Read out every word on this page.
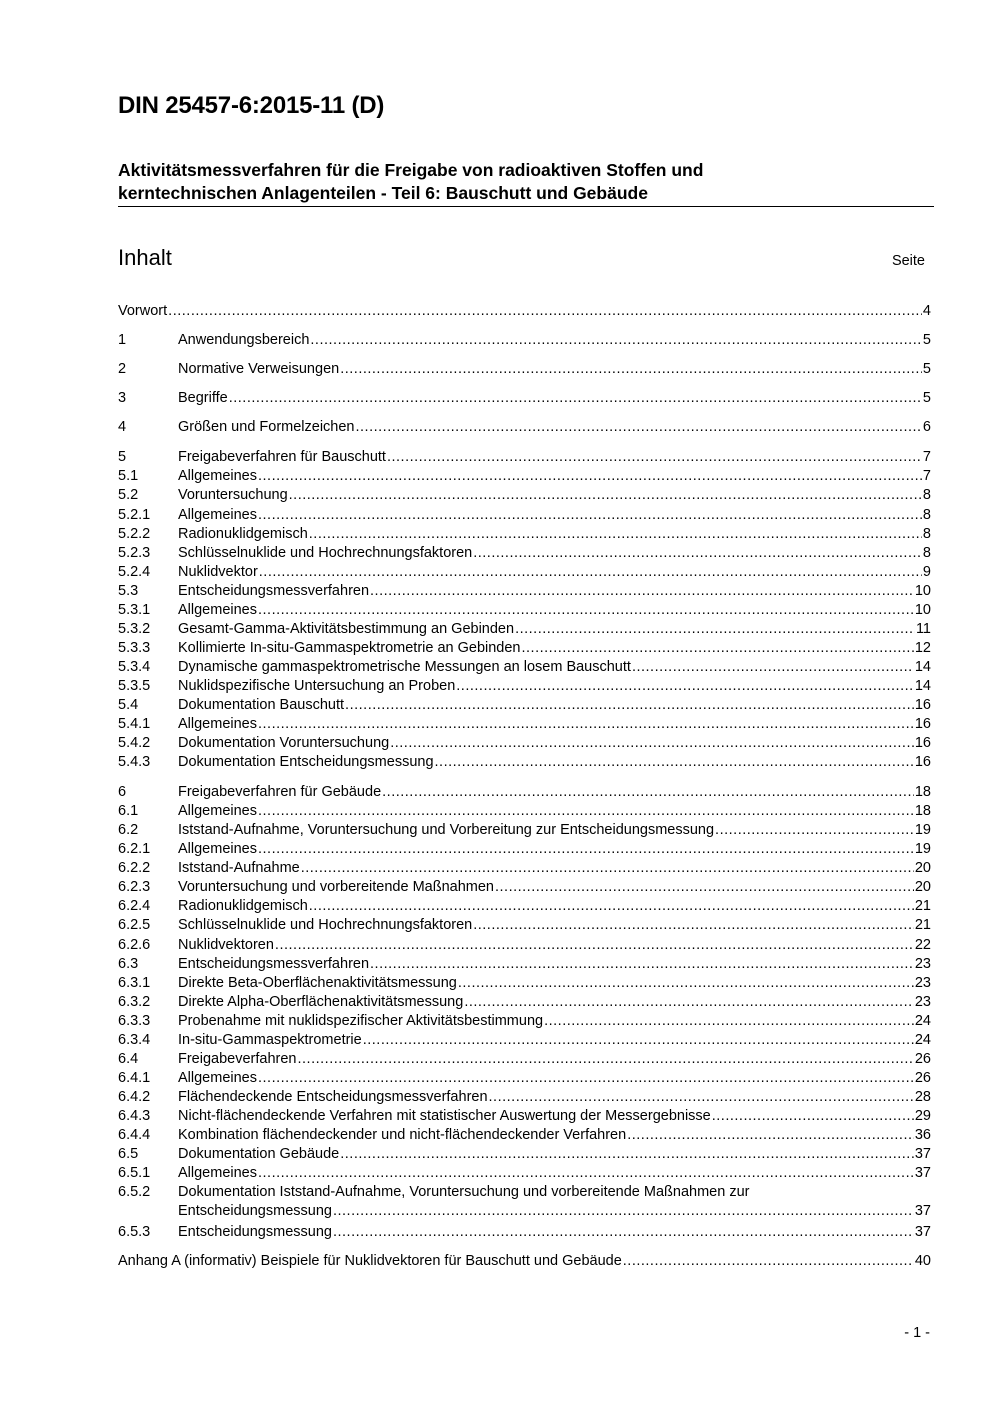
DIN 25457-6:2015-11 (D)
Aktivitätsmessverfahren für die Freigabe von radioaktiven Stoffen und
kerntechnischen Anlagenteilen - Teil 6: Bauschutt und Gebäude
Inhalt	Seite
Vorwort .....	4
1	Anwendungsbereich .....	5
2	Normative Verweisungen .....	5
3	Begriffe .....	5
4	Größen und Formelzeichen .....	6
5	Freigabeverfahren für Bauschutt .....	7
5.1	Allgemeines .....	7
5.2	Voruntersuchung .....	8
5.2.1	Allgemeines .....	8
5.2.2	Radionuklidgemisch .....	8
5.2.3	Schlüsselnuklide und Hochrechnungsfaktoren .....	8
5.2.4	Nuklidvektor .....	9
5.3	Entscheidungsmessverfahren .....	10
5.3.1	Allgemeines .....	10
5.3.2	Gesamt-Gamma-Aktivitätsbestimmung an Gebinden .....	11
5.3.3	Kollimierte In-situ-Gammaspektrometrie an Gebinden .....	12
5.3.4	Dynamische gammaspektrometrische Messungen an losem Bauschutt .....	14
5.3.5	Nuklidspezifische Untersuchung an Proben .....	14
5.4	Dokumentation Bauschutt .....	16
5.4.1	Allgemeines .....	16
5.4.2	Dokumentation Voruntersuchung .....	16
5.4.3	Dokumentation Entscheidungsmessung .....	16
6	Freigabeverfahren für Gebäude .....	18
6.1	Allgemeines .....	18
6.2	Iststand-Aufnahme, Voruntersuchung und Vorbereitung zur Entscheidungsmessung .....	19
6.2.1	Allgemeines .....	19
6.2.2	Iststand-Aufnahme .....	20
6.2.3	Voruntersuchung und vorbereitende Maßnahmen .....	20
6.2.4	Radionuklidgemisch .....	21
6.2.5	Schlüsselnuklide und Hochrechnungsfaktoren .....	21
6.2.6	Nuklidvektoren .....	22
6.3	Entscheidungsmessverfahren .....	23
6.3.1	Direkte Beta-Oberflächenaktivitätsmessung .....	23
6.3.2	Direkte Alpha-Oberflächenaktivitätsmessung .....	23
6.3.3	Probenahme mit nuklidspezifischer Aktivitätsbestimmung .....	24
6.3.4	In-situ-Gammaspektrometrie .....	24
6.4	Freigabeverfahren .....	26
6.4.1	Allgemeines .....	26
6.4.2	Flächendeckende Entscheidungsmessverfahren .....	28
6.4.3	Nicht-flächendeckende Verfahren mit statistischer Auswertung der Messergebnisse .....	29
6.4.4	Kombination flächendeckender und nicht-flächendeckender Verfahren .....	36
6.5	Dokumentation Gebäude .....	37
6.5.1	Allgemeines .....	37
6.5.2	Dokumentation Iststand-Aufnahme, Voruntersuchung und vorbereitende Maßnahmen zur
Entscheidungsmessung .....	37
6.5.3	Entscheidungsmessung .....	37
Anhang A (informativ) Beispiele für Nuklidvektoren für Bauschutt und Gebäude .....	40
- 1 -
